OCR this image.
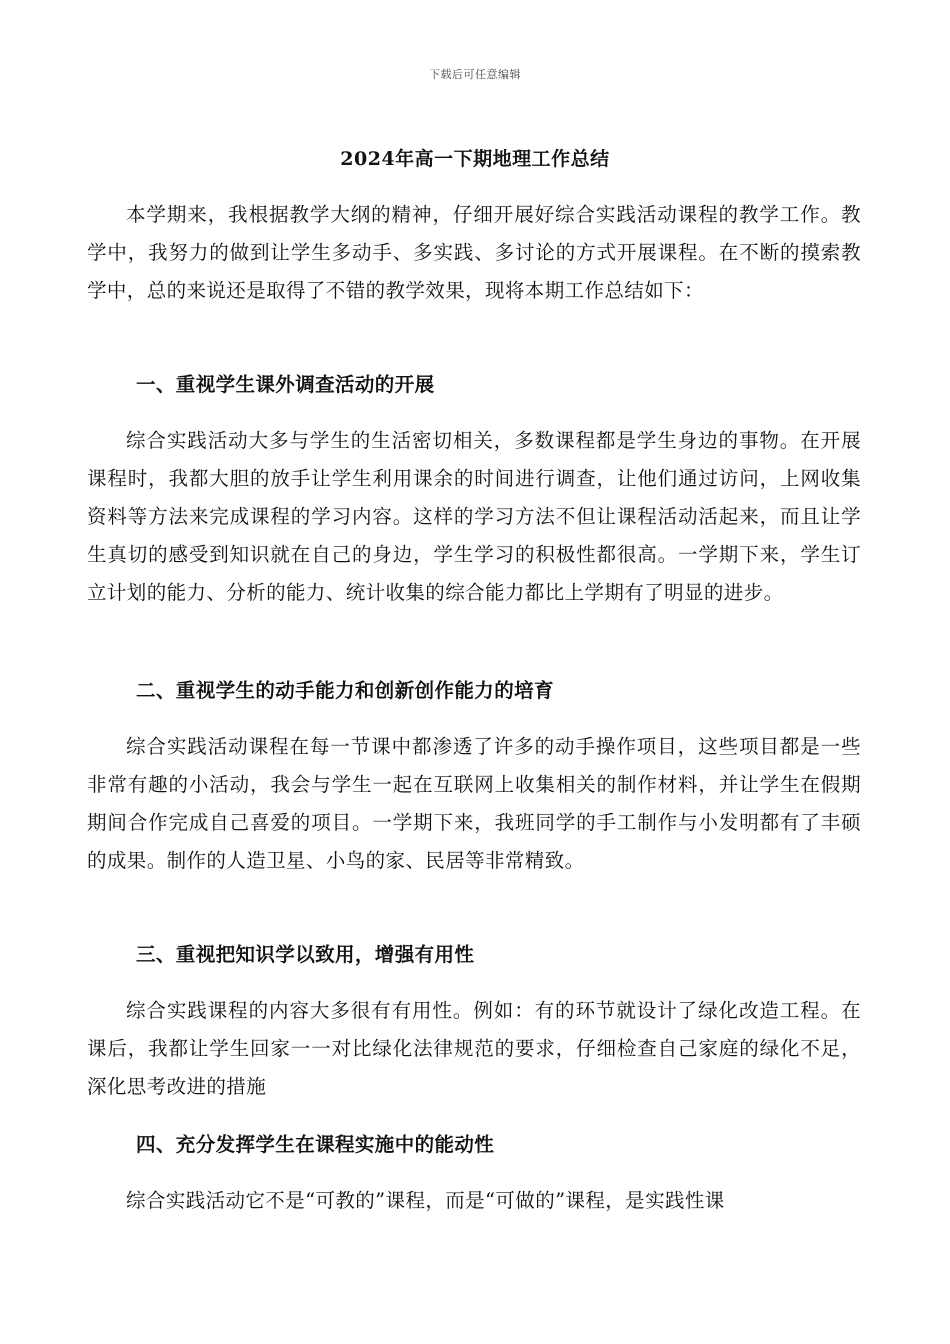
下载后可任意编辑
2024年高一下期地理工作总结

本学期来，我根据教学大纲的精神，仔细开展好综合实践活动课程的教学工作。教学中，我努力的做到让学生多动手、多实践、多讨论的方式开展课程。在不断的摸索教学中，总的来说还是取得了不错的教学效果，现将本期工作总结如下：

一、重视学生课外调查活动的开展

综合实践活动大多与学生的生活密切相关，多数课程都是学生身边的事物。在开展课程时，我都大胆的放手让学生利用课余的时间进行调查，让他们通过访问，上网收集资料等方法来完成课程的学习内容。这样的学习方法不但让课程活动活起来，而且让学生真切的感受到知识就在自己的身边，学生学习的积极性都很高。一学期下来，学生订立计划的能力、分析的能力、统计收集的综合能力都比上学期有了明显的进步。

二、重视学生的动手能力和创新创作能力的培育

综合实践活动课程在每一节课中都渗透了许多的动手操作项目，这些项目都是一些非常有趣的小活动，我会与学生一起在互联网上收集相关的制作材料，并让学生在假期期间合作完成自己喜爱的项目。一学期下来，我班同学的手工制作与小发明都有了丰硕的成果。制作的人造卫星、小鸟的家、民居等非常精致。

三、重视把知识学以致用，增强有用性

综合实践课程的内容大多很有有用性。例如：有的环节就设计了绿化改造工程。在课后，我都让学生回家一一对比绿化法律规范的要求，仔细检查自己家庭的绿化不足，深化思考改进的措施

四、充分发挥学生在课程实施中的能动性

综合实践活动它不是“可教的”课程，而是“可做的”课程，是实践性课
